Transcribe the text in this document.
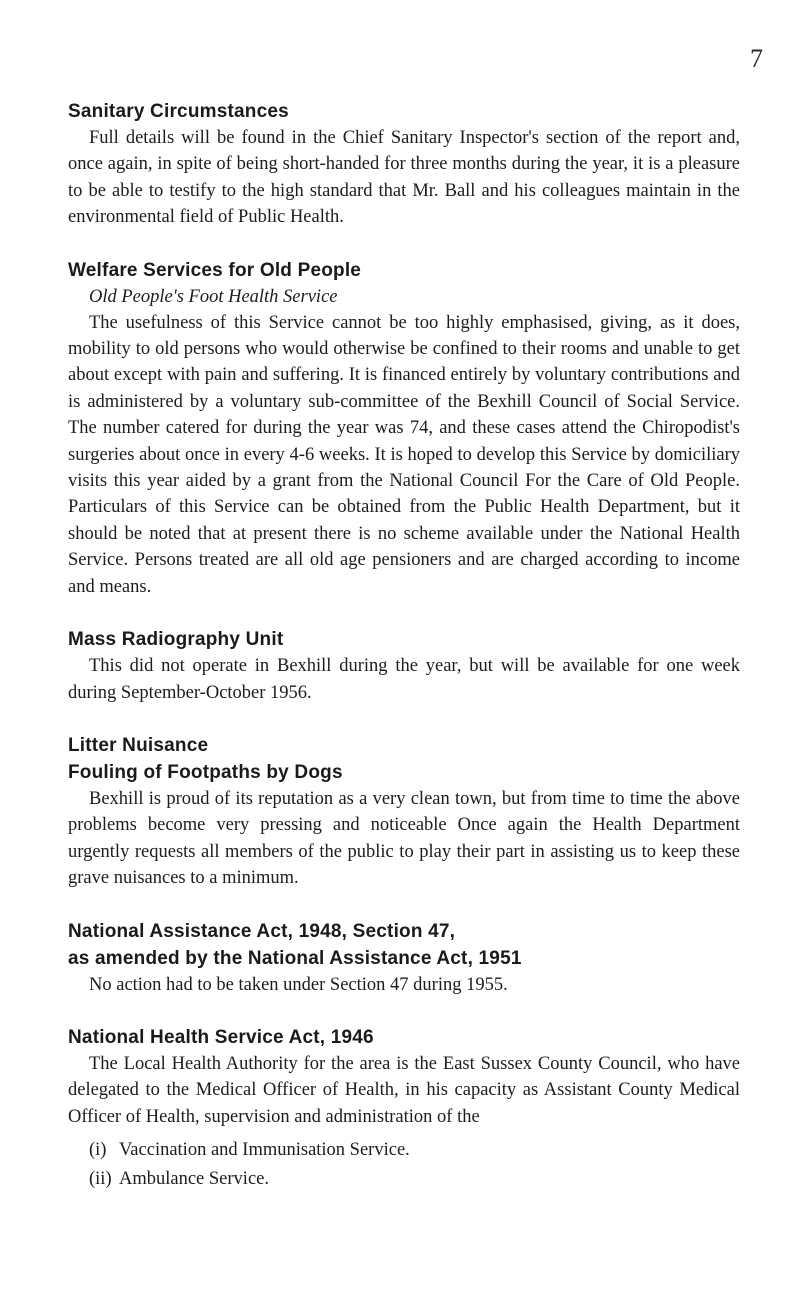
7
Sanitary Circumstances

Full details will be found in the Chief Sanitary Inspector's section of the report and, once again, in spite of being short-handed for three months during the year, it is a pleasure to be able to testify to the high standard that Mr. Ball and his colleagues maintain in the environmental field of Public Health.

Welfare Services for Old People

Old People's Foot Health Service

The usefulness of this Service cannot be too highly emphasised, giving, as it does, mobility to old persons who would otherwise be confined to their rooms and unable to get about except with pain and suffering. It is financed entirely by voluntary contributions and is administered by a voluntary sub-committee of the Bexhill Council of Social Service. The number catered for during the year was 74, and these cases attend the Chiropodist's surgeries about once in every 4-6 weeks. It is hoped to develop this Service by domiciliary visits this year aided by a grant from the National Council For the Care of Old People. Particulars of this Service can be obtained from the Public Health Department, but it should be noted that at present there is no scheme available under the National Health Service. Persons treated are all old age pensioners and are charged according to income and means.

Mass Radiography Unit

This did not operate in Bexhill during the year, but will be available for one week during September-October 1956.

Litter Nuisance
Fouling of Footpaths by Dogs

Bexhill is proud of its reputation as a very clean town, but from time to time the above problems become very pressing and noticeable Once again the Health Department urgently requests all members of the public to play their part in assisting us to keep these grave nuisances to a minimum.

National Assistance Act, 1948, Section 47,
as amended by the National Assistance Act, 1951

No action had to be taken under Section 47 during 1955.

National Health Service Act, 1946

The Local Health Authority for the area is the East Sussex County Council, who have delegated to the Medical Officer of Health, in his capacity as Assistant County Medical Officer of Health, supervision and administration of the

(i) Vaccination and Immunisation Service.
(ii) Ambulance Service.
